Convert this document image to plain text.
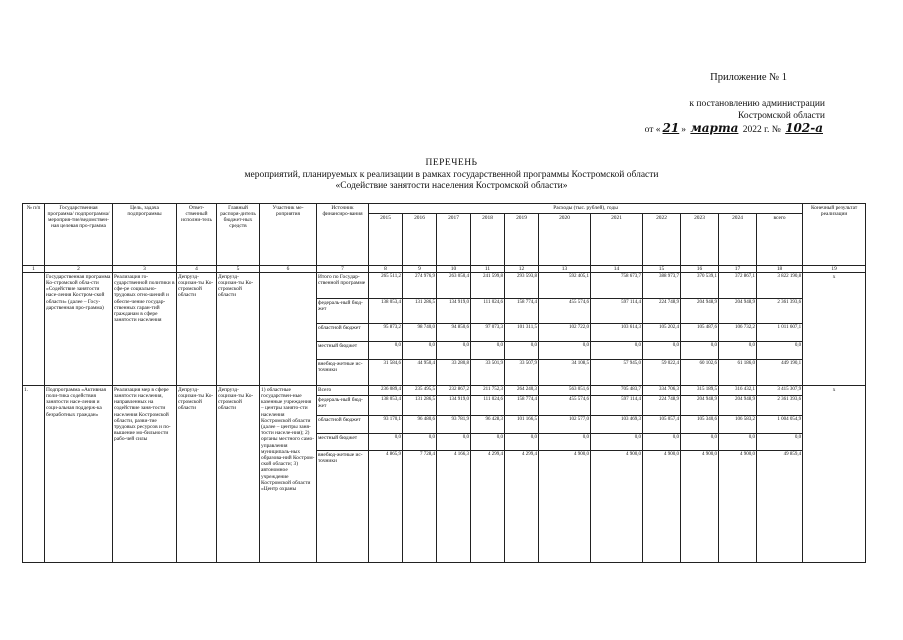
Приложение № 1
к постановлению администрации
Костромской области
от « 21 » марта 2022 г. № 102-а
ПЕРЕЧЕНЬ
мероприятий, планируемых к реализации в рамках государственной программы Костромской области
«Содействие занятости населения Костромской области»
№ п/п	Государственная программа/ подпрограмма/ мероприя-тие/ведомствен-ная целевая про-грамма	Цель, задача подпрограммы	Ответ-ственный исполни-тель	Главный распоря-дитель бюджет-ных средств	Участник ме-роприятия	Источник финансиро-вания	Расходы (тыс. рублей), годы											Конечный результат реализации
							2015	2016	2017	2018	2019	2020	2021	2022	2023	2024	всего	
1	2	3	4	5	6	7	8	9	10	11	12	13	14	15	16	17	18	19
	Государственная программа Ко-стромской обла-сти «Содействие занятости насе-ления Костром-ской области» (далее – Госу-дарственная про-грамма)	Реализация го-сударственной политики в сфе-ре социально-трудовых отно-шений и обеспе-чение государ-ственных гаран-тий гражданам в сфере занятости населения	Депрузд-социзан-ты Ко-стромской области	Депрузд-социзан-ты Ко-стромской области		Итого по Государ-ственной программе	265 511,2	274 976,9	263 050,4	241 599,8	293 593,8	592 405,1	758 673,7	388 973,7	370 539,1	372 867,1	3 822 190,8	х
						федераль-ный бюд-жет	138 053,4	131 286,5	134 919,0	111 024,6	158 774,4	455 574,6	597 114,4	224 748,9	204 948,9	204 948,9	2 361 393,6	
						областной бюджет	95 873,2	98 740,0	94 850,6	97 073,3	101 311,5	102 722,0	103 614,3	105 202,4	105 487,6	106 732,2	1 011 607,1	
						местный бюджет	0,0	0,0	0,0	0,0	0,0	0,0	0,0	0,0	0,0	0,0	0,0	
						внебюд-жетные ис-точники	31 584,6	44 950,4	33 280,8	33 501,9	33 507,9	34 108,5	57 945,0	59 022,4	60 102,6	61 186,0	449 190,1	
1.	Подпрограмма «Активная поли-тика содействия занятости насе-ления и соци-альная поддерж-ка безработных граждан»	Реализация мер в сфере занятости населения, направленных на содействие заня-тости населения Костромской области, разви-тие трудовых ресурсов и по-вышение мо-бильности рабо-чей силы	Депрузд-социзан-ты Ко-стромской области	Депрузд-социзан-ты Ко-стромской области	1) областные государствен-ные казенные учреждения – центры занято-сти населения Костромской области (далее – центры заня-тости населе-ния); 2) органы местного само-управления муниципаль-ных образова-ний Костром-ской области; 3) автономное учреждение Костромской области «Центр охраны	Всего	236 089,4	235 495,5	232 867,2	211 752,3	264 240,3	563 051,6	705 483,7	334 706,3	315 189,5	316 432,1	3 415 307,9	х
						федераль-ный бюд-жет	138 053,4	131 286,5	134 919,0	111 024,6	158 774,4	455 574,6	597 114,4	224 748,9	204 948,9	204 948,9	2 361 393,6	
						областной бюджет	93 170,1	96 480,6	93 781,9	96 428,3	101 166,5	102 577,0	103 469,3	105 057,4	105 340,6	106 583,2	1 004 054,9	
						местный бюджет	0,0	0,0	0,0	0,0	0,0	0,0	0,0	0,0	0,0	0,0	0,0	
						внебюд-жетные ис-точники	4 865,9	7 728,4	4 166,3	4 299,4	4 299,4	4 900,0	4 900,0	4 900,0	4 900,0	4 900,0	49 859,4	
